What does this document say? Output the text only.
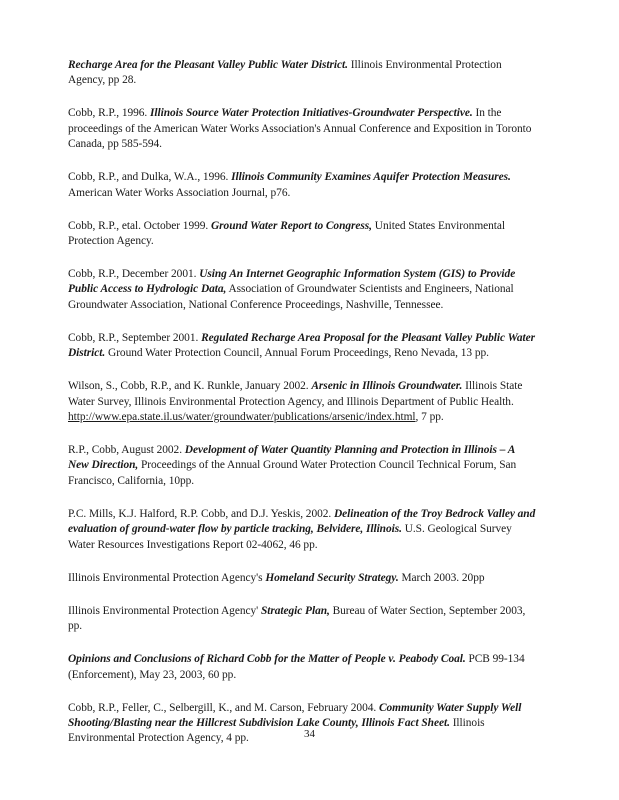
Recharge Area for the Pleasant Valley Public Water District. Illinois Environmental Protection Agency, pp 28.

Cobb, R.P., 1996. Illinois Source Water Protection Initiatives-Groundwater Perspective. In the proceedings of the American Water Works Association's Annual Conference and Exposition in Toronto Canada, pp 585-594.

Cobb, R.P., and Dulka, W.A., 1996. Illinois Community Examines Aquifer Protection Measures. American Water Works Association Journal, p76.

Cobb, R.P., etal. October 1999. Ground Water Report to Congress, United States Environmental Protection Agency.

Cobb, R.P., December 2001. Using An Internet Geographic Information System (GIS) to Provide Public Access to Hydrologic Data, Association of Groundwater Scientists and Engineers, National Groundwater Association, National Conference Proceedings, Nashville, Tennessee.

Cobb, R.P., September 2001. Regulated Recharge Area Proposal for the Pleasant Valley Public Water District. Ground Water Protection Council, Annual Forum Proceedings, Reno Nevada, 13 pp.

Wilson, S., Cobb, R.P., and K. Runkle, January 2002. Arsenic in Illinois Groundwater. Illinois State Water Survey, Illinois Environmental Protection Agency, and Illinois Department of Public Health. http://www.epa.state.il.us/water/groundwater/publications/arsenic/index.html, 7 pp.

R.P., Cobb, August 2002. Development of Water Quantity Planning and Protection in Illinois – A New Direction, Proceedings of the Annual Ground Water Protection Council Technical Forum, San Francisco, California, 10pp.

P.C. Mills, K.J. Halford, R.P. Cobb, and D.J. Yeskis, 2002. Delineation of the Troy Bedrock Valley and evaluation of ground-water flow by particle tracking, Belvidere, Illinois. U.S. Geological Survey Water Resources Investigations Report 02-4062, 46 pp.

Illinois Environmental Protection Agency's Homeland Security Strategy. March 2003. 20pp

Illinois Environmental Protection Agency' Strategic Plan, Bureau of Water Section, September 2003, pp.

Opinions and Conclusions of Richard Cobb for the Matter of People v. Peabody Coal. PCB 99-134 (Enforcement), May 23, 2003, 60 pp.

Cobb, R.P., Feller, C., Selbergill, K., and M. Carson, February 2004. Community Water Supply Well Shooting/Blasting near the Hillcrest Subdivision Lake County, Illinois Fact Sheet. Illinois Environmental Protection Agency, 4 pp.	34
